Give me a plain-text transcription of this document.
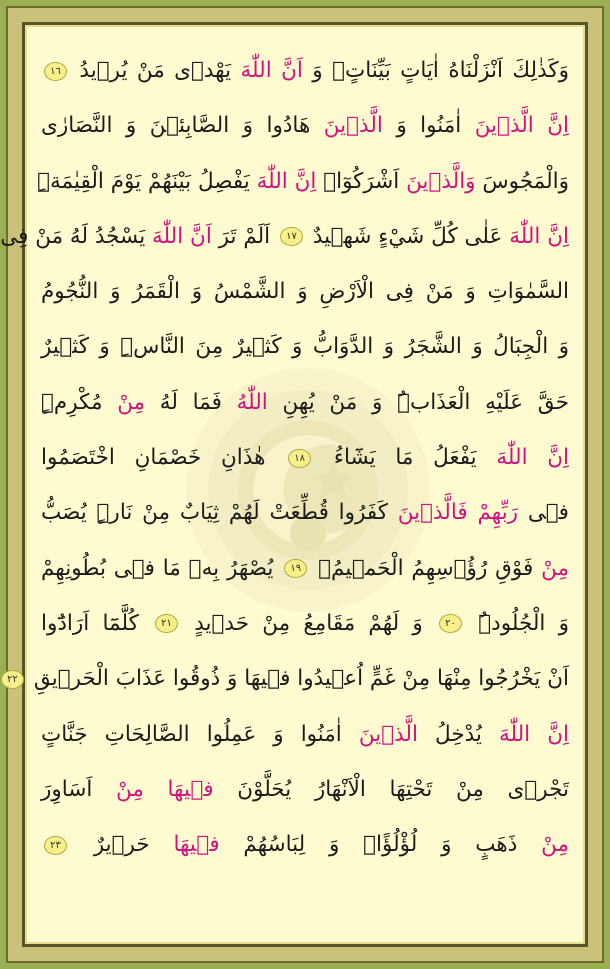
وَكَذٰلِكَ اَنْزَلْنَاهُ اٰيَاتٍ بَيِّنَاتٍۙ وَ اَنَّ اللّٰهَ يَهْدٖى مَنْ يُرٖيدُ ١٦
اِنَّ الَّذٖينَ اٰمَنُوا وَ الَّذٖينَ هَادُوا وَ الصَّابِئٖنَ وَ النَّصَارٰى
وَالْمَجُوسَ وَالَّذٖينَ اَشْرَكُوٓاۗ اِنَّ اللّٰهَ يَفْصِلُ بَيْنَهُمْ يَوْمَ الْقِيٰمَةِۜ
اِنَّ اللّٰهَ عَلٰى كُلِّ شَيْءٍ شَهٖيدٌ ١٧ اَلَمْ تَرَ اَنَّ اللّٰهَ يَسْجُدُ لَهُ مَنْ فِى
السَّمٰوَاتِ وَ مَنْ فِى الْاَرْضِ وَ الشَّمْسُ وَ الْقَمَرُ وَ النُّجُومُ
وَ الْجِبَالُ وَ الشَّجَرُ وَ الدَّوَابُّ وَ كَثٖيرٌ مِنَ النَّاسِۜ وَ كَثٖيرٌ
حَقَّ عَلَيْهِ الْعَذَابُۜ وَ مَنْ يُهِنِ اللّٰهُ فَمَا لَهُ مِنْ مُكْرِمٍۜ
اِنَّ اللّٰهَ يَفْعَلُ مَا يَشَٓاءُ ١٨ هٰذَانِ خَصْمَانِ اخْتَصَمُوا
فٖى رَبِّهِمْ فَالَّذٖينَ كَفَرُوا قُطِّعَتْ لَهُمْ ثِيَابٌ مِنْ نَارٍۜ يُصَبُّ
مِنْ فَوْقِ رُؤُ۫سِهِمُ الْحَمٖيمُۚ ١٩ يُصْهَرُ بِهٖ مَا فٖى بُطُونِهِمْ
وَ الْجُلُودُۜ ٢٠ وَ لَهُمْ مَقَامِعُ مِنْ حَدٖيدٍ ٢١ كُلَّمَٓا اَرَادُٓوا
اَنْ يَخْرُجُوا مِنْهَا مِنْ غَمٍّ اُعٖيدُوا فٖيهَا وَ ذُوقُوا عَذَابَ الْحَرٖيقِ ٢٢
اِنَّ اللّٰهَ يُدْخِلُ الَّذٖينَ اٰمَنُوا وَ عَمِلُوا الصَّالِحَاتِ جَنَّاتٍ
تَجْرٖى مِنْ تَحْتِهَا الْاَنْهَارُ يُحَلَّوْنَ فٖيهَا مِنْ اَسَاوِرَ
مِنْ ذَهَبٍ وَ لُؤْلُؤًاۜ وَ لِبَاسُهُمْ فٖيهَا حَرٖيرٌ ٢٣
